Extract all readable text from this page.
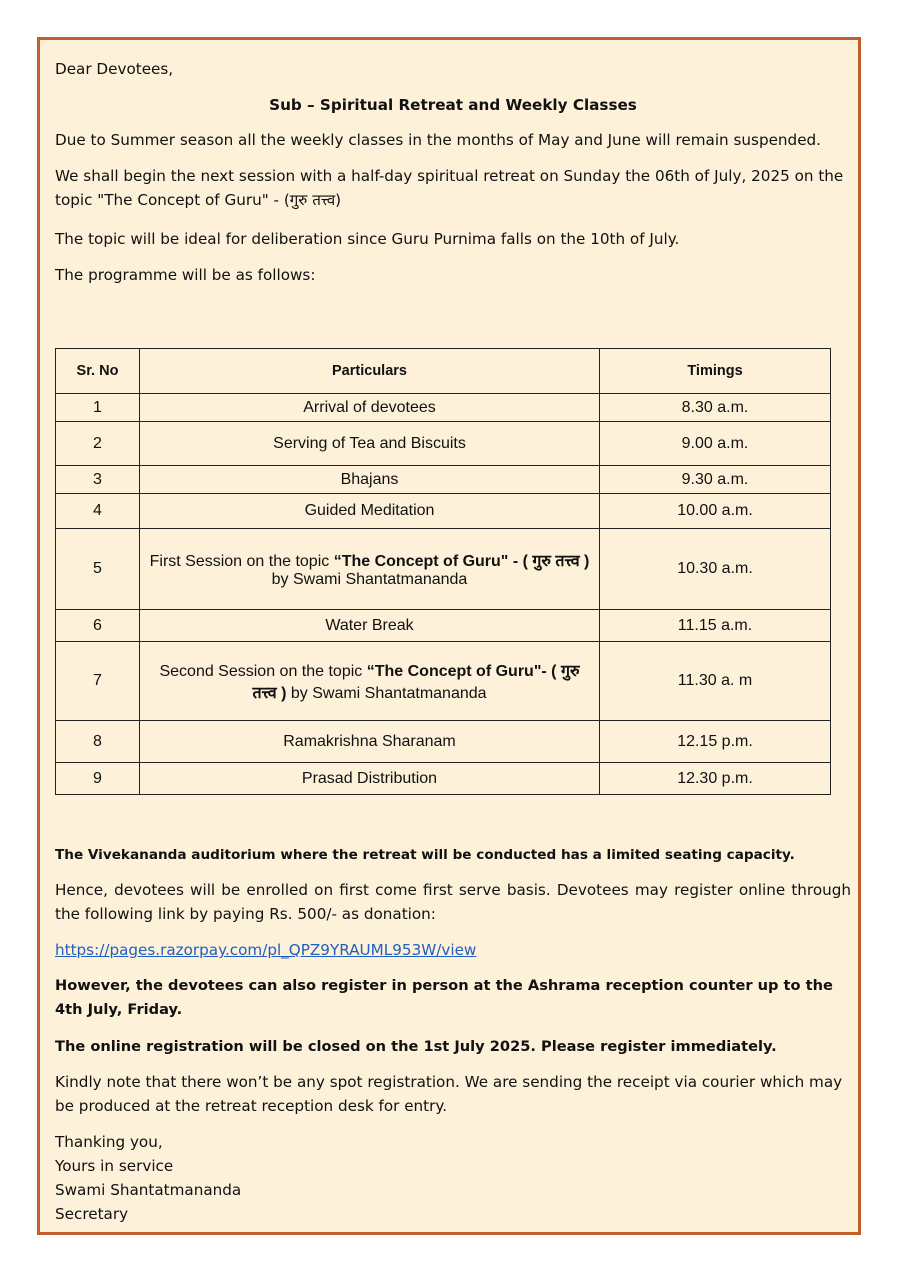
Dear Devotees,

Sub – Spiritual Retreat and Weekly Classes

Due to Summer season all the weekly classes in the months of May and June will remain suspended.

We shall begin the next session with a half-day spiritual retreat on Sunday the 06th of July, 2025 on the topic "The Concept of Guru" - (गुरु तत्त्व)

The topic will be ideal for deliberation since Guru Purnima falls on the 10th of July.

The programme will be as follows:

Sr. No	Particulars	Timings
1	Arrival of devotees	8.30 a.m.
2	Serving of Tea and Biscuits	9.00 a.m.
3	Bhajans	9.30 a.m.
4	Guided Meditation	10.00 a.m.
5	First Session on the topic “The Concept of Guru" - ( गुरु तत्त्व ) by Swami Shantatmananda	10.30 a.m.
6	Water Break	11.15 a.m.
7	Second Session on the topic “The Concept of Guru"- ( गुरु तत्त्व ) by Swami Shantatmananda	11.30 a. m
8	Ramakrishna Sharanam	12.15 p.m.
9	Prasad Distribution	12.30 p.m.

The Vivekananda auditorium where the retreat will be conducted has a limited seating capacity.

Hence, devotees will be enrolled on first come first serve basis. Devotees may register online through the following link by paying Rs. 500/- as donation:

https://pages.razorpay.com/pl_QPZ9YRAUML953W/view

However, the devotees can also register in person at the Ashrama reception counter up to the 4th July, Friday.

The online registration will be closed on the 1st July 2025. Please register immediately.

Kindly note that there won’t be any spot registration. We are sending the receipt via courier which may be produced at the retreat reception desk for entry.

Thanking you,
Yours in service
Swami Shantatmananda
Secretary
